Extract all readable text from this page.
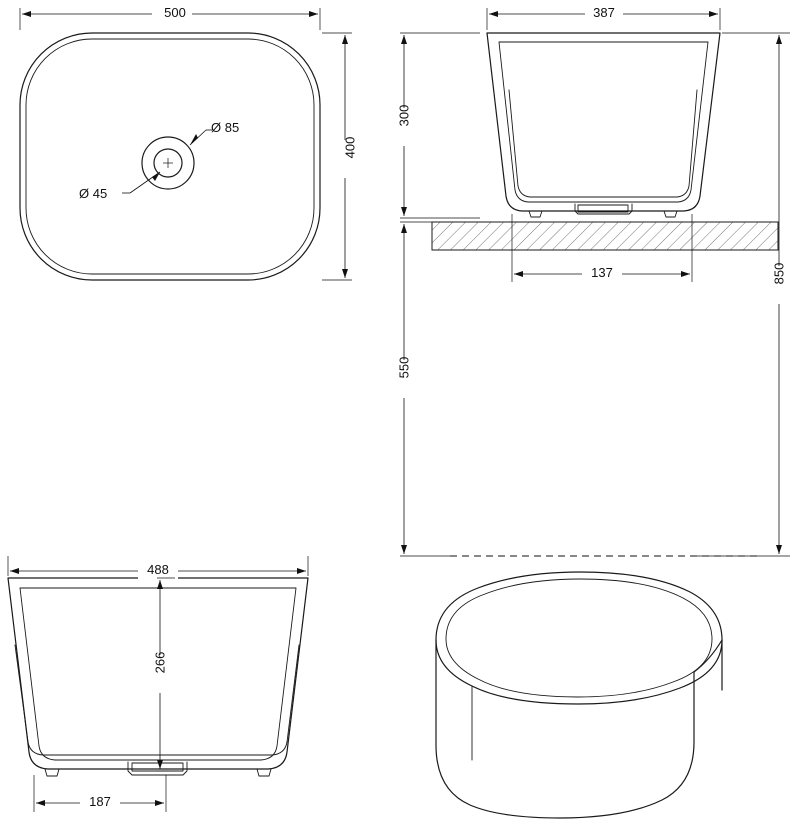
500
400
Ø 85
Ø 45
387
300
550
137	850
488
266
187
